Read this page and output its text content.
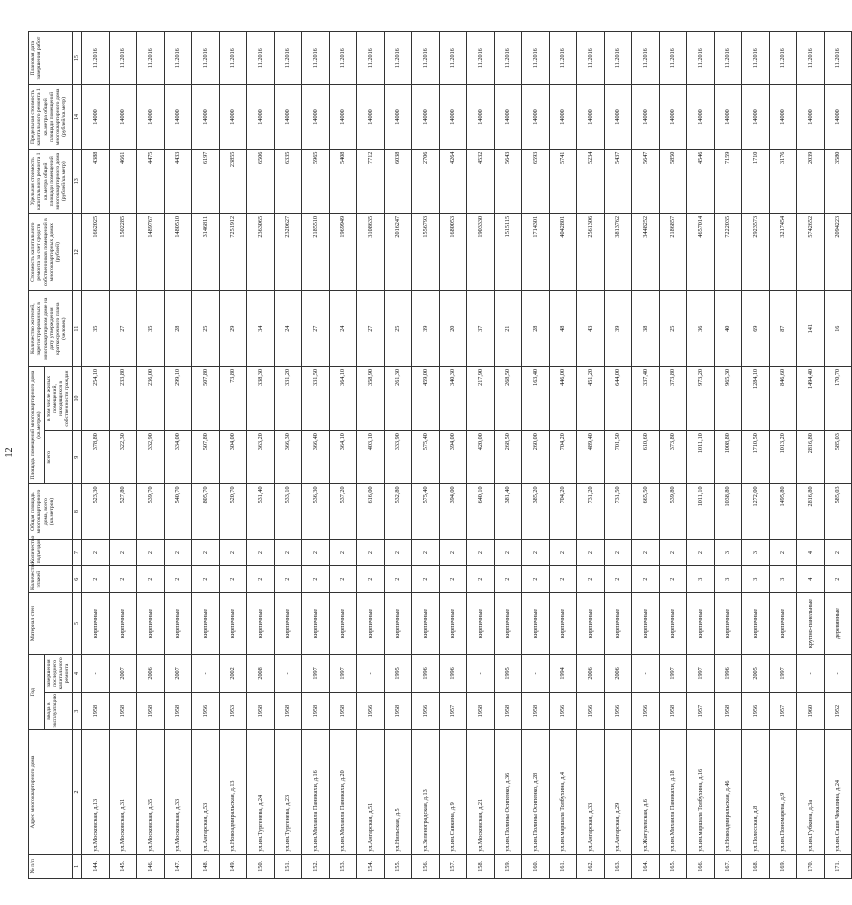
12
№ п/п	Адрес многоквартирного дома	Год		Материал стен	Количество этажей	Количество подъездов	Общая площадь многоквартирного дома, всего (кв.метров)	Площадь помещений многоквартирного дома (кв.метров)		Количество жителей, зарегистрированных в многоквартирном доме на дату утверждения краткосрочного плана (человек)	Стоимость капитального ремонта за счет средств собственников помещений в многоквартирных домах (рублей)	Удельная стоимость капитального ремонта 1 кв.метра общей площади помещений многоквартирного дома (рублей/кв.метр)	Предельная стоимость капитального ремонта 1 кв.метра общей площади помещений многоквартирного дома (рублей/кв.метр)	Плановая дата завершения работ
		ввода в эксплуатацию	завершения последнего капитального ремонта					всего	в том числе жилых помещений, находящихся в собственности граждан					
1	2	3	4	5	6	7	8	9	10	11	12	13	14	15
144.	ул.Московская, д.13	1958	-	кирпичные	2	2	523,30	378,80	254,10	35	1662025	4388	14000	11.2016
145.	ул.Московская, д.31	1958	2007	кирпичные	2	2	527,80	322,30	233,80	27	1502285	4661	14000	11.2016
146.	ул.Московская, д.35	1958	2006	кирпичные	2	2	539,70	332,90	236,00	35	1489767	4475	14000	11.2016
147.	ул.Московская, д.33	1958	2007	кирпичные	2	2	540,70	334,00	299,10	28	1480510	4433	14000	11.2016
148.	ул.Ангарская, д.53	1956	-	кирпичные	2	2	805,70	507,80	507,80	25	3146811	6197	14000	11.2016
149.	ул.Новоадмиральская, д.13	1953	2002	кирпичные	2	2	520,70	304,00	73,80	29	7251912	23855	14000	11.2016
150.	ул.им.Тургенева, д.24	1958	2008	кирпичные	2	2	531,40	363,20	338,30	34	2363065	6506	14000	11.2016
151.	ул.им.Тургенева, д.23	1958	-	кирпичные	2	2	533,10	366,30	331,20	24	2320627	6335	14000	11.2016
152.	ул.им.Михаила Паникахи, д.16	1958	1997	кирпичные	2	2	536,30	366,40	331,50	27	2185510	5965	14000	11.2016
153.	ул.им.Михаила Паникахи, д.20	1958	1997	кирпичные	2	2	537,20	364,10	364,10	24	1969949	5408	14000	11.2016
154.	ул.Ангарская, д.51	1956	-	кирпичные	2	2	616,00	403,10	358,90	27	3108635	7712	14000	11.2016
155.	ул.Нильская, д.5	1958	1995	кирпичные	2	2	532,80	333,90	261,30	25	2016247	6038	14000	11.2016
156.	ул.Зеленоградская, д.13	1956	1996	кирпичные	2	2	575,40	575,40	459,00	39	1556793	2706	14000	11.2016
157.	ул.им.Савкина, д.9	1957	1996	кирпичные	2	2	394,00	394,00	340,30	20	1680053	4264	14000	11.2016
158.	ул.Московская, д.21	1958	-	кирпичные	2	2	640,10	420,00	217,90	37	1903330	4532	14000	11.2016
159.	ул.им.Полины Осипенко, д.36	1958	1995	кирпичные	2	2	381,40	268,50	268,50	21	1515115	5643	14000	11.2016
160.	ул.им.Полины Осипенко, д.28	1958	-	кирпичные	2	2	385,20	260,00	163,40	28	1714301	6593	14000	11.2016
161.	ул.им.маршала Толбухина, д.4	1956	1994	кирпичные	2	2	704,20	704,20	446,00	48	4042801	5741	14000	11.2016
162.	ул.Ангарская, д.33	1956	2006	кирпичные	2	2	731,20	489,40	451,20	43	2561306	5234	14000	11.2016
163.	ул.Ангарская, д.29	1956	2006	кирпичные	2	2	731,50	701,50	644,00	39	3813762	5437	14000	11.2016
164.	ул.Жигулевская, д.6	1956	-	кирпичные	2	2	665,50	610,60	337,40	38	3448252	5647	14000	11.2016
165.	ул.им.Михаила Паникахи, д.18	1958	1997	кирпичные	2	2	539,80	373,80	373,80	25	2186857	5850	14000	11.2016
166.	ул.им.маршала Толбухина, д.16	1957	1997	кирпичные	3	2	1011,10	1011,10	973,20	36	4657014	4546	14000	11.2016
167.	ул.Новоадмиральская, д.46	1958	1996	кирпичные	3	3	1038,80	1008,80	965,30	40	7222035	7159	14000	11.2016
168.	ул.Полесская, д.8	1956	2005	кирпичные	3	3	1272,00	1710,50	1284,10	69	2923573	1710	14000	11.2016
169.	ул.им.Пономарева, д.9	1957	1997	кирпичные	3	2	1495,80	1013,20	846,60	87	3217454	3176	14000	11.2016
170.	ул.им.Губкина, д.3а	1960	-	крупно-панельные	4	4	2816,80	2816,80	1494,40	141	5742652	2039	14000	11.2016
171.	ул.им.Саши Чекалина, д.24	1952	-	деревянные	2	2	585,03	585,03	170,70	16	2094223	3580	14000	11.2016
